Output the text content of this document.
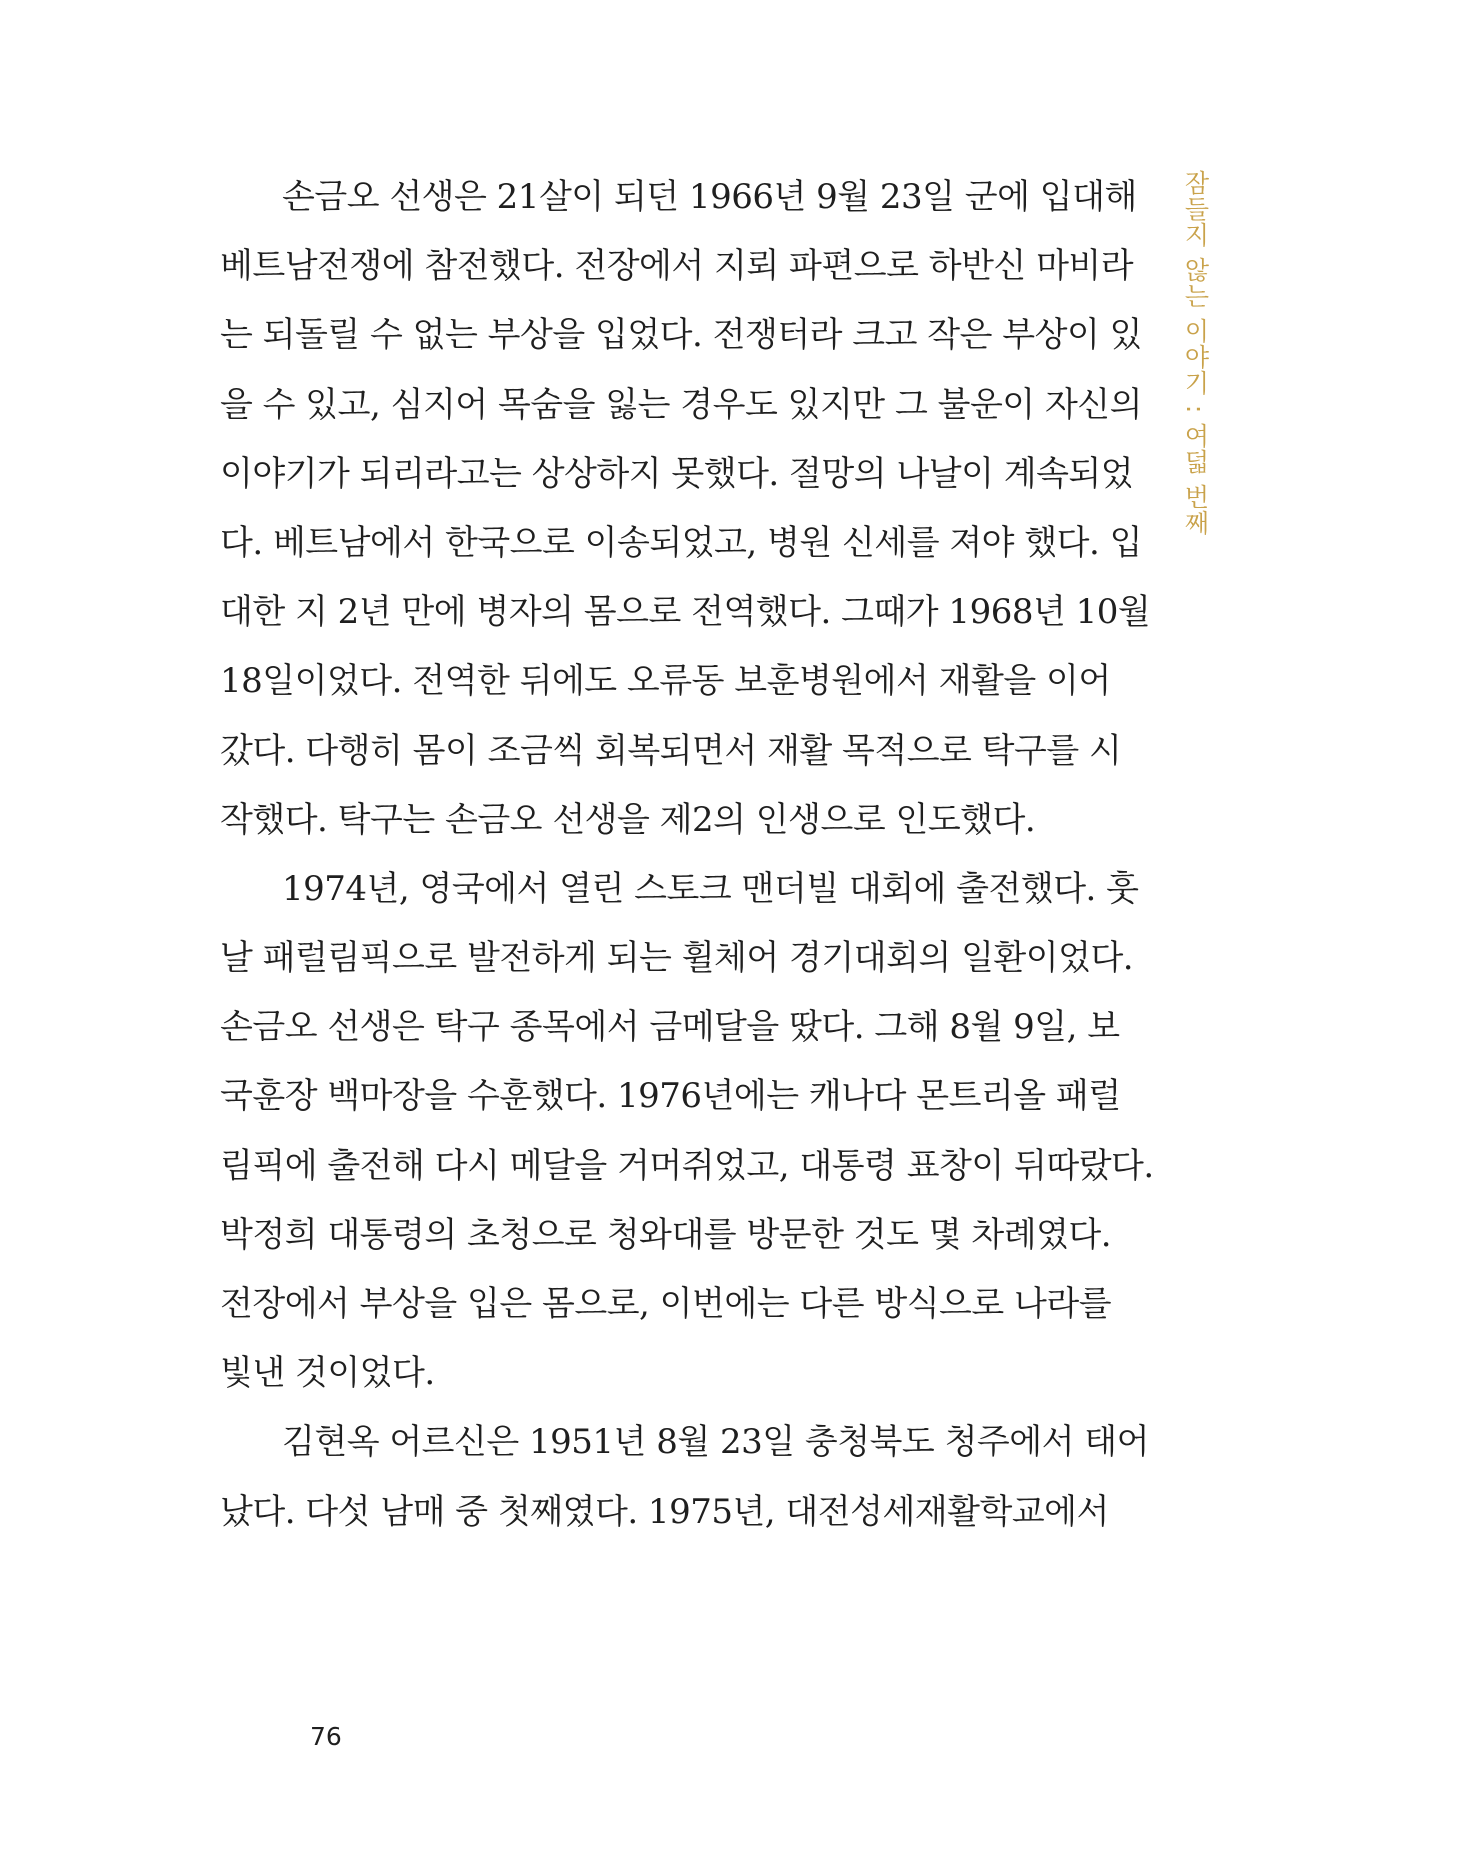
잠들지 않는 이야기 : 여덟 번째
손금오 선생은 21살이 되던 1966년 9월 23일 군에 입대해
베트남전쟁에 참전했다. 전장에서 지뢰 파편으로 하반신 마비라
는 되돌릴 수 없는 부상을 입었다. 전쟁터라 크고 작은 부상이 있
을 수 있고, 심지어 목숨을 잃는 경우도 있지만 그 불운이 자신의
이야기가 되리라고는 상상하지 못했다. 절망의 나날이 계속되었
다. 베트남에서 한국으로 이송되었고, 병원 신세를 져야 했다. 입
대한 지 2년 만에 병자의 몸으로 전역했다. 그때가 1968년 10월
18일이었다. 전역한 뒤에도 오류동 보훈병원에서 재활을 이어
갔다. 다행히 몸이 조금씩 회복되면서 재활 목적으로 탁구를 시
작했다. 탁구는 손금오 선생을 제2의 인생으로 인도했다.
1974년, 영국에서 열린 스토크 맨더빌 대회에 출전했다. 훗
날 패럴림픽으로 발전하게 되는 휠체어 경기대회의 일환이었다.
손금오 선생은 탁구 종목에서 금메달을 땄다. 그해 8월 9일, 보
국훈장 백마장을 수훈했다. 1976년에는 캐나다 몬트리올 패럴
림픽에 출전해 다시 메달을 거머쥐었고, 대통령 표창이 뒤따랐다.
박정희 대통령의 초청으로 청와대를 방문한 것도 몇 차례였다.
전장에서 부상을 입은 몸으로, 이번에는 다른 방식으로 나라를
빛낸 것이었다.
김현옥 어르신은 1951년 8월 23일 충청북도 청주에서 태어
났다. 다섯 남매 중 첫째였다. 1975년, 대전성세재활학교에서
76
